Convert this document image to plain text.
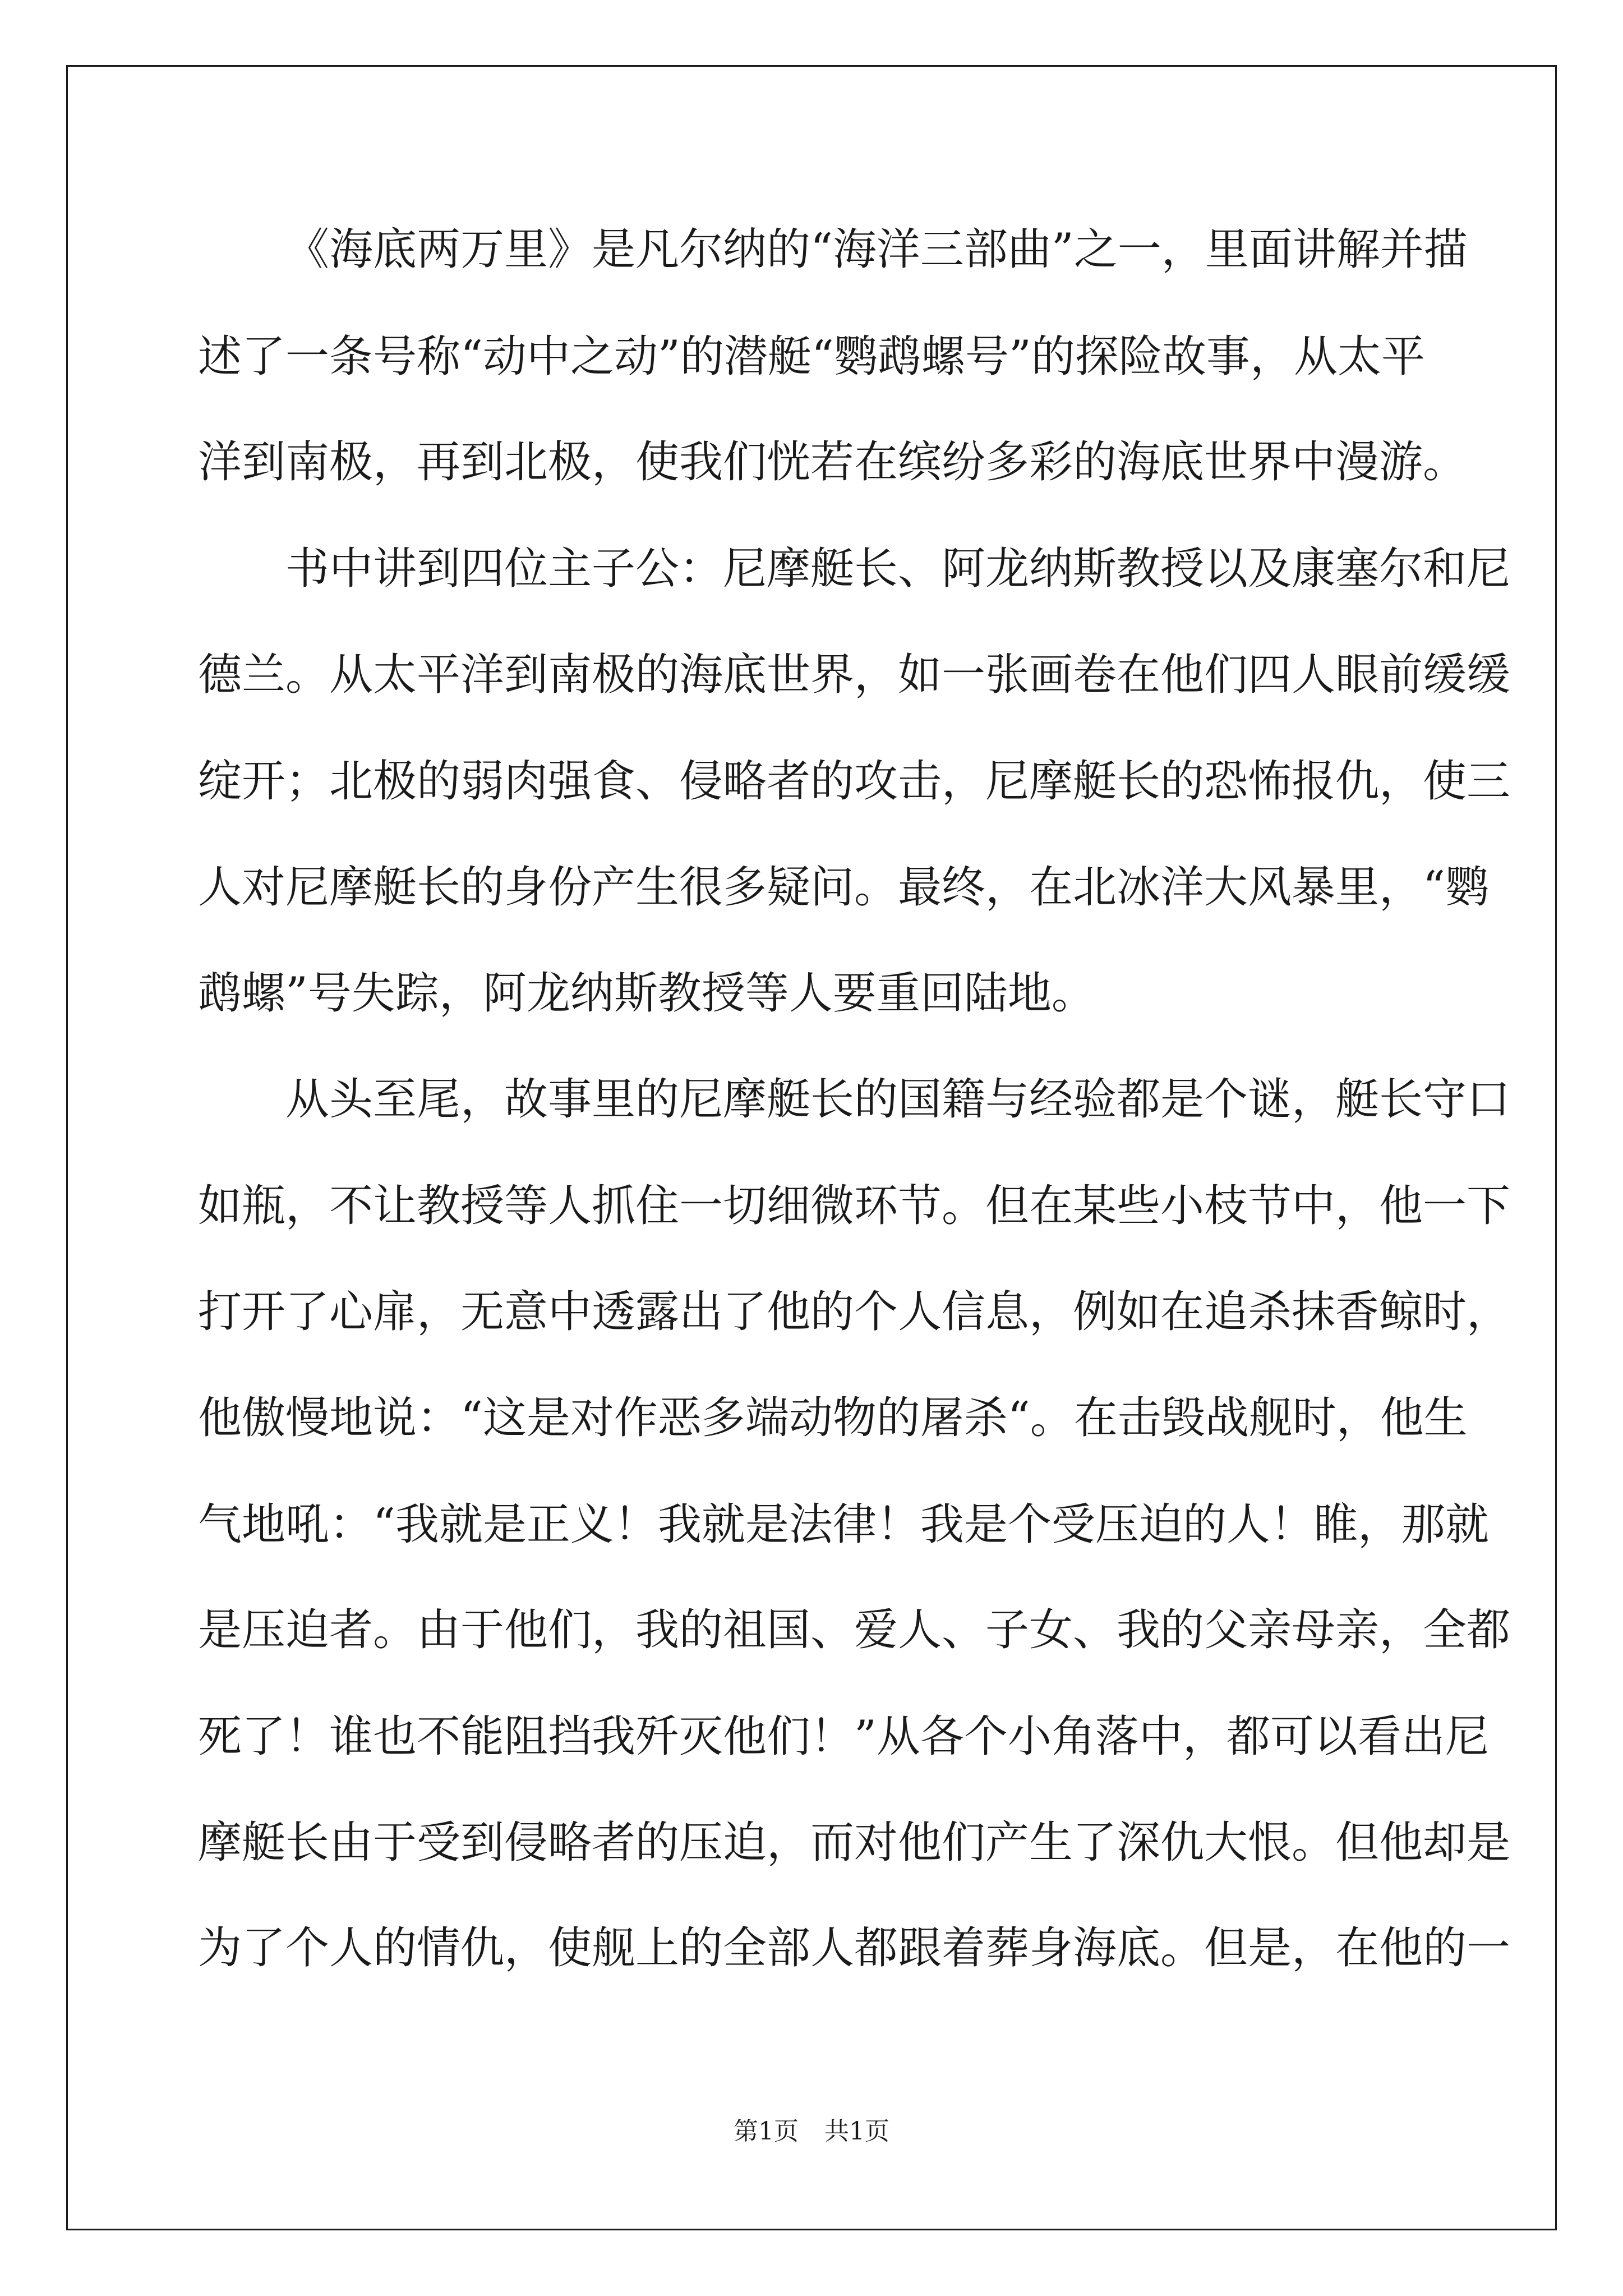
《海底两万里》是凡尔纳的“海洋三部曲”之一，里面讲解并描
述了一条号称“动中之动”的潜艇“鹦鹉螺号”的探险故事，从太平
洋到南极，再到北极，使我们恍若在缤纷多彩的海底世界中漫游。
书中讲到四位主子公：尼摩艇长、阿龙纳斯教授以及康塞尔和尼
德兰。从太平洋到南极的海底世界，如一张画卷在他们四人眼前缓缓
绽开；北极的弱肉强食、侵略者的攻击，尼摩艇长的恐怖报仇，使三
人对尼摩艇长的身份产生很多疑问。最终，在北冰洋大风暴里，“鹦
鹉螺”号失踪，阿龙纳斯教授等人要重回陆地。
从头至尾，故事里的尼摩艇长的国籍与经验都是个谜，艇长守口
如瓶，不让教授等人抓住一切细微环节。但在某些小枝节中，他一下
打开了心扉，无意中透露出了他的个人信息，例如在追杀抹香鲸时，
他傲慢地说：“这是对作恶多端动物的屠杀“。在击毁战舰时，他生
气地吼：“我就是正义！我就是法律！我是个受压迫的人！睢，那就
是压迫者。由于他们，我的祖国、爱人、子女、我的父亲母亲，全都
死了！谁也不能阻挡我歼灭他们！”从各个小角落中，都可以看出尼
摩艇长由于受到侵略者的压迫，而对他们产生了深仇大恨。但他却是
为了个人的情仇，使舰上的全部人都跟着葬身海底。但是，在他的一
第1页 共1页
